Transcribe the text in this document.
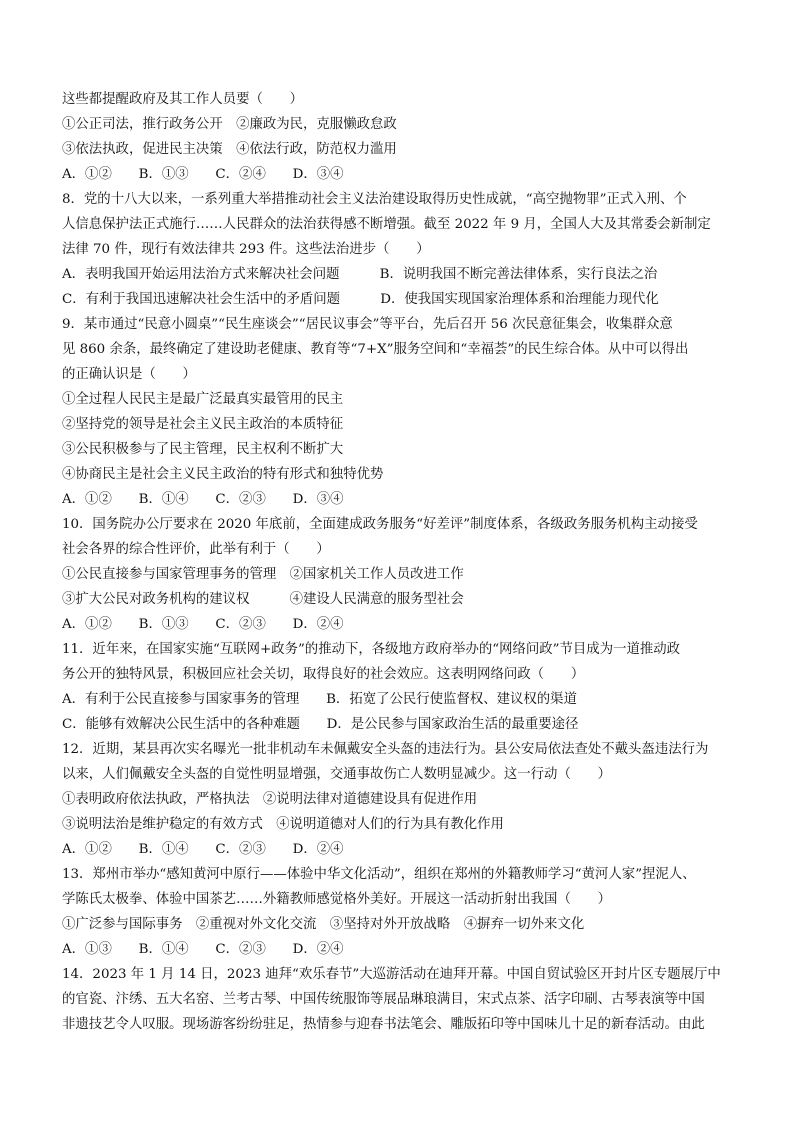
这些都提醒政府及其工作人员要（　　）
①公正司法，推行政务公开　②廉政为民，克服懒政怠政
③依法执政，促进民主决策　④依法行政，防范权力滥用
A．①②　　B．①③　　C．②④　　D．③④
8．党的十八大以来，一系列重大举措推动社会主义法治建设取得历史性成就，“高空抛物罪”正式入刑、个
人信息保护法正式施行……人民群众的法治获得感不断增强。截至 2022 年 9 月，全国人大及其常委会新制定
法律 70 件，现行有效法律共 293 件。这些法治进步（　　）
A．表明我国开始运用法治方式来解决社会问题　　　B．说明我国不断完善法律体系，实行良法之治
C．有利于我国迅速解决社会生活中的矛盾问题　　　D．使我国实现国家治理体系和治理能力现代化
9．某市通过“民意小圆桌”“民生座谈会”“居民议事会”等平台，先后召开 56 次民意征集会，收集群众意
见 860 余条，最终确定了建设助老健康、教育等“7+X”服务空间和“幸福荟”的民生综合体。从中可以得出
的正确认识是（　　）
①全过程人民民主是最广泛最真实最管用的民主
②坚持党的领导是社会主义民主政治的本质特征
③公民积极参与了民主管理，民主权利不断扩大
④协商民主是社会主义民主政治的特有形式和独特优势
A．①②　　B．①④　　C．②③　　D．③④
10．国务院办公厅要求在 2020 年底前，全面建成政务服务“好差评”制度体系，各级政务服务机构主动接受
社会各界的综合性评价，此举有利于（　　）
①公民直接参与国家管理事务的管理　②国家机关工作人员改进工作
③扩大公民对政务机构的建议权　　　④建设人民满意的服务型社会
A．①②　　B．①③　　C．②③　　D．②④
11．近年来，在国家实施“互联网+政务”的推动下，各级地方政府举办的“网络问政”节目成为一道推动政
务公开的独特风景，积极回应社会关切，取得良好的社会效应。这表明网络问政（　　）
A．有利于公民直接参与国家事务的管理　　B．拓宽了公民行使监督权、建议权的渠道
C．能够有效解决公民生活中的各种难题　　D．是公民参与国家政治生活的最重要途径
12．近期，某县再次实名曝光一批非机动车未佩戴安全头盔的违法行为。县公安局依法查处不戴头盔违法行为
以来，人们佩戴安全头盔的自觉性明显增强，交通事故伤亡人数明显减少。这一行动（　　）
①表明政府依法执政，严格执法　②说明法律对道德建设具有促进作用
③说明法治是维护稳定的有效方式　④说明道德对人们的行为具有教化作用
A．①②　　B．①④　　C．②③　　D．②④
13．郑州市举办“感知黄河中原行——体验中华文化活动”，组织在郑州的外籍教师学习“黄河人家”捏泥人、
学陈氏太极拳、体验中国茶艺……外籍教师感觉格外美好。开展这一活动折射出我国（　　）
①广泛参与国际事务　②重视对外文化交流　③坚持对外开放战略　④摒弃一切外来文化
A．①③　　B．①④　　C．②③　　D．②④
14．2023 年 1 月 14 日，2023 迪拜“欢乐春节”大巡游活动在迪拜开幕。中国自贸试验区开封片区专题展厅中
的官瓷、汴绣、五大名窑、兰考古琴、中国传统服饰等展品琳琅满目，宋式点茶、活字印刷、古琴表演等中国
非遗技艺令人叹服。现场游客纷纷驻足，热情参与迎春书法笔会、雕版拓印等中国味儿十足的新春活动。由此
